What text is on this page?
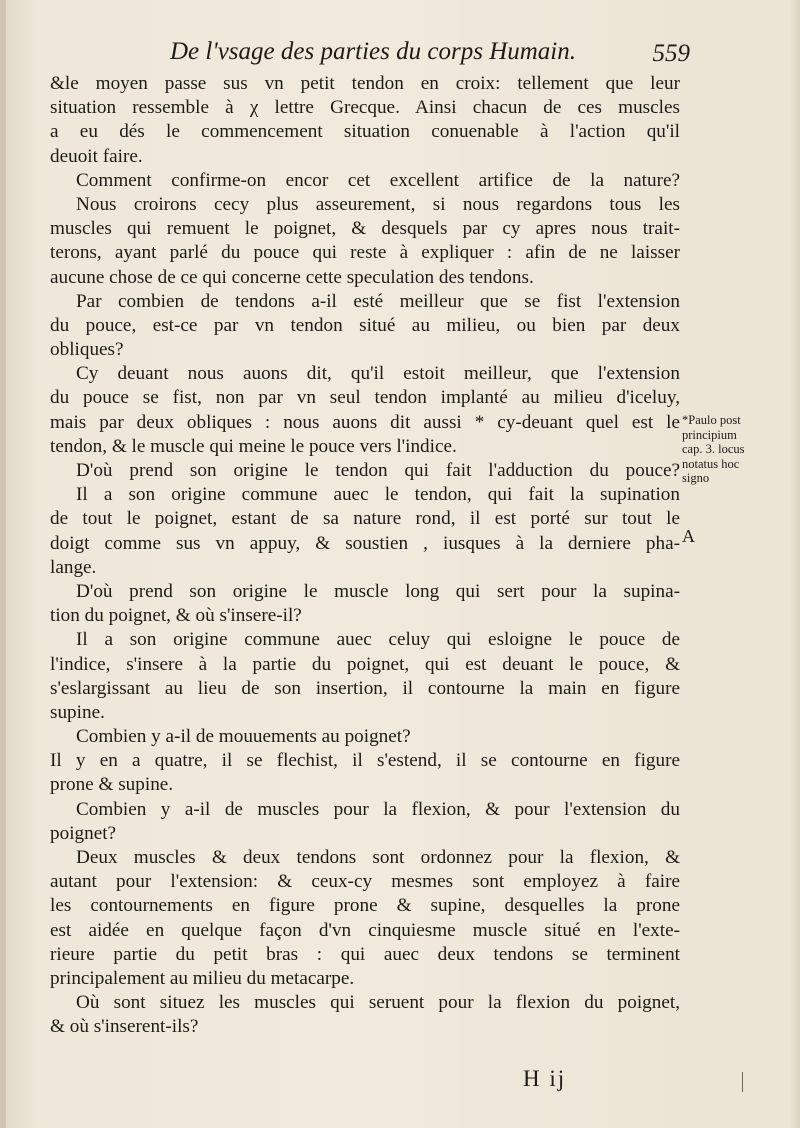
De l'vsage des parties du corps Humain.	559
&le moyen passe sus vn petit tendon en croix: tellement que leur
situation ressemble à χ lettre Grecque. Ainsi chacun de ces muscles
a eu dés le commencement situation conuenable à l'action qu'il
deuoit faire.
Comment confirme-on encor cet excellent artifice de la nature?
Nous croirons cecy plus asseurement, si nous regardons tous les
muscles qui remuent le poignet, & desquels par cy apres nous trait-
terons, ayant parlé du pouce qui reste à expliquer : afin de ne laisser
aucune chose de ce qui concerne cette speculation des tendons.
Par combien de tendons a-il esté meilleur que se fist l'extension
du pouce, est-ce par vn tendon situé au milieu, ou bien par deux
obliques?
Cy deuant nous auons dit, qu'il estoit meilleur, que l'extension
du pouce se fist, non par vn seul tendon implanté au milieu d'iceluy,
mais par deux obliques : nous auons dit aussi * cy-deuant quel est le
tendon, & le muscle qui meine le pouce vers l'indice.
D'où prend son origine le tendon qui fait l'adduction du pouce?
Il a son origine commune auec le tendon, qui fait la supination
de tout le poignet, estant de sa nature rond, il est porté sur tout le
doigt comme sus vn appuy, & soustien , iusques à la derniere pha-
lange.
D'où prend son origine le muscle long qui sert pour la supina-
tion du poignet, & où s'insere-il?
Il a son origine commune auec celuy qui esloigne le pouce de
l'indice, s'insere à la partie du poignet, qui est deuant le pouce, &
s'eslargissant au lieu de son insertion, il contourne la main en figure
supine.
Combien y a-il de mouuements au poignet?
Il y en a quatre, il se flechist, il s'estend, il se contourne en figure
prone & supine.
Combien y a-il de muscles pour la flexion, & pour l'extension du
poignet?
Deux muscles & deux tendons sont ordonnez pour la flexion, &
autant pour l'extension: & ceux-cy mesmes sont employez à faire
les contournements en figure prone & supine, desquelles la prone
est aidée en quelque façon d'vn cinquiesme muscle situé en l'exte-
rieure partie du petit bras : qui auec deux tendons se terminent
principalement au milieu du metacarpe.
Où sont situez les muscles qui seruent pour la flexion du poignet,
& où s'inserent-ils?
*Paulo post
principium
cap. 3. locus
notatus hoc
signo
A
H ij
